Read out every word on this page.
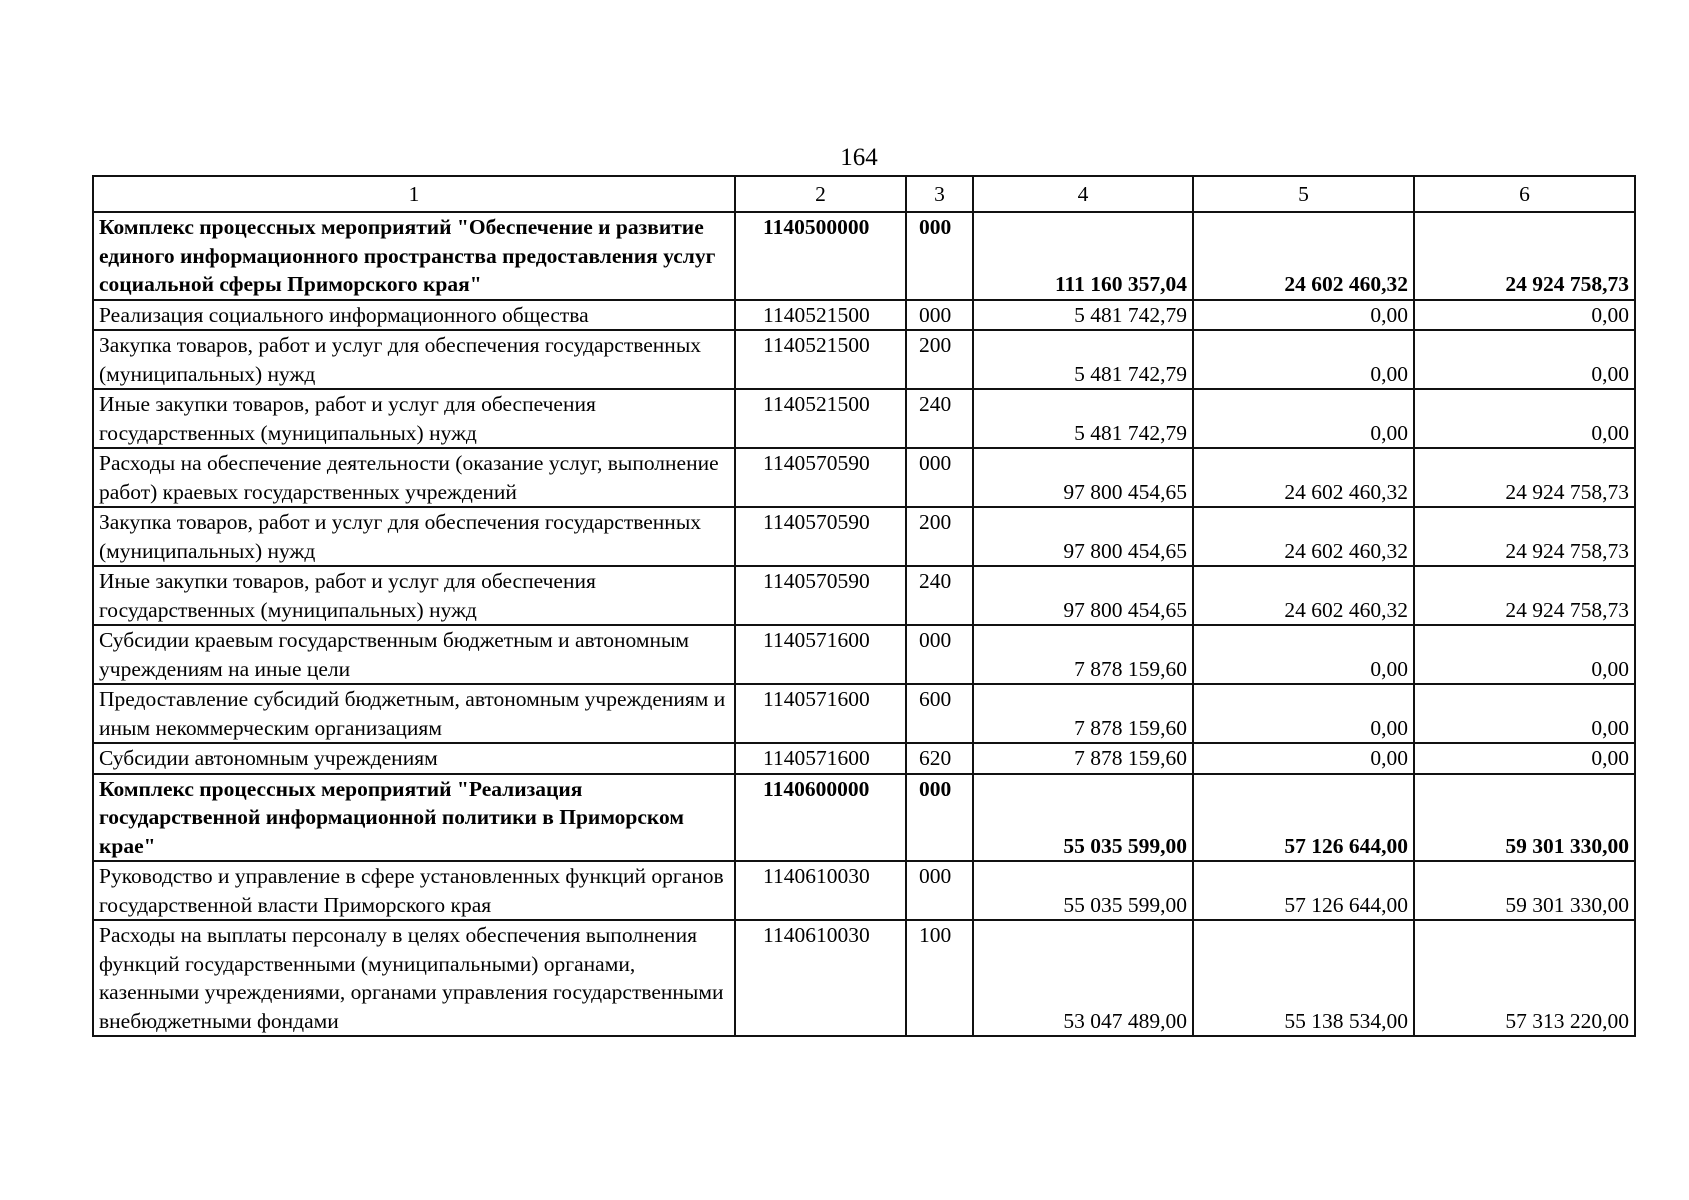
164
1	2	3	4	5	6
Комплекс процессных мероприятий "Обеспечение и развитие единого информационного пространства предоставления услуг социальной сферы Приморского края"	1140500000	000	111 160 357,04	24 602 460,32	24 924 758,73
Реализация социального информационного общества	1140521500	000	5 481 742,79	0,00	0,00
Закупка товаров, работ и услуг для обеспечения государственных (муниципальных) нужд	1140521500	200	5 481 742,79	0,00	0,00
Иные закупки товаров, работ и услуг для обеспечения государственных (муниципальных) нужд	1140521500	240	5 481 742,79	0,00	0,00
Расходы на обеспечение деятельности (оказание услуг, выполнение работ) краевых государственных учреждений	1140570590	000	97 800 454,65	24 602 460,32	24 924 758,73
Закупка товаров, работ и услуг для обеспечения государственных (муниципальных) нужд	1140570590	200	97 800 454,65	24 602 460,32	24 924 758,73
Иные закупки товаров, работ и услуг для обеспечения государственных (муниципальных) нужд	1140570590	240	97 800 454,65	24 602 460,32	24 924 758,73
Субсидии краевым государственным бюджетным и автономным учреждениям на иные цели	1140571600	000	7 878 159,60	0,00	0,00
Предоставление субсидий бюджетным, автономным учреждениям и иным некоммерческим организациям	1140571600	600	7 878 159,60	0,00	0,00
Субсидии автономным учреждениям	1140571600	620	7 878 159,60	0,00	0,00
Комплекс процессных мероприятий "Реализация государственной информационной политики в Приморском крае"	1140600000	000	55 035 599,00	57 126 644,00	59 301 330,00
Руководство и управление в сфере установленных функций органов государственной власти Приморского края	1140610030	000	55 035 599,00	57 126 644,00	59 301 330,00
Расходы на выплаты персоналу в целях обеспечения выполнения функций государственными (муниципальными) органами, казенными учреждениями, органами управления государственными внебюджетными фондами	1140610030	100	53 047 489,00	55 138 534,00	57 313 220,00
